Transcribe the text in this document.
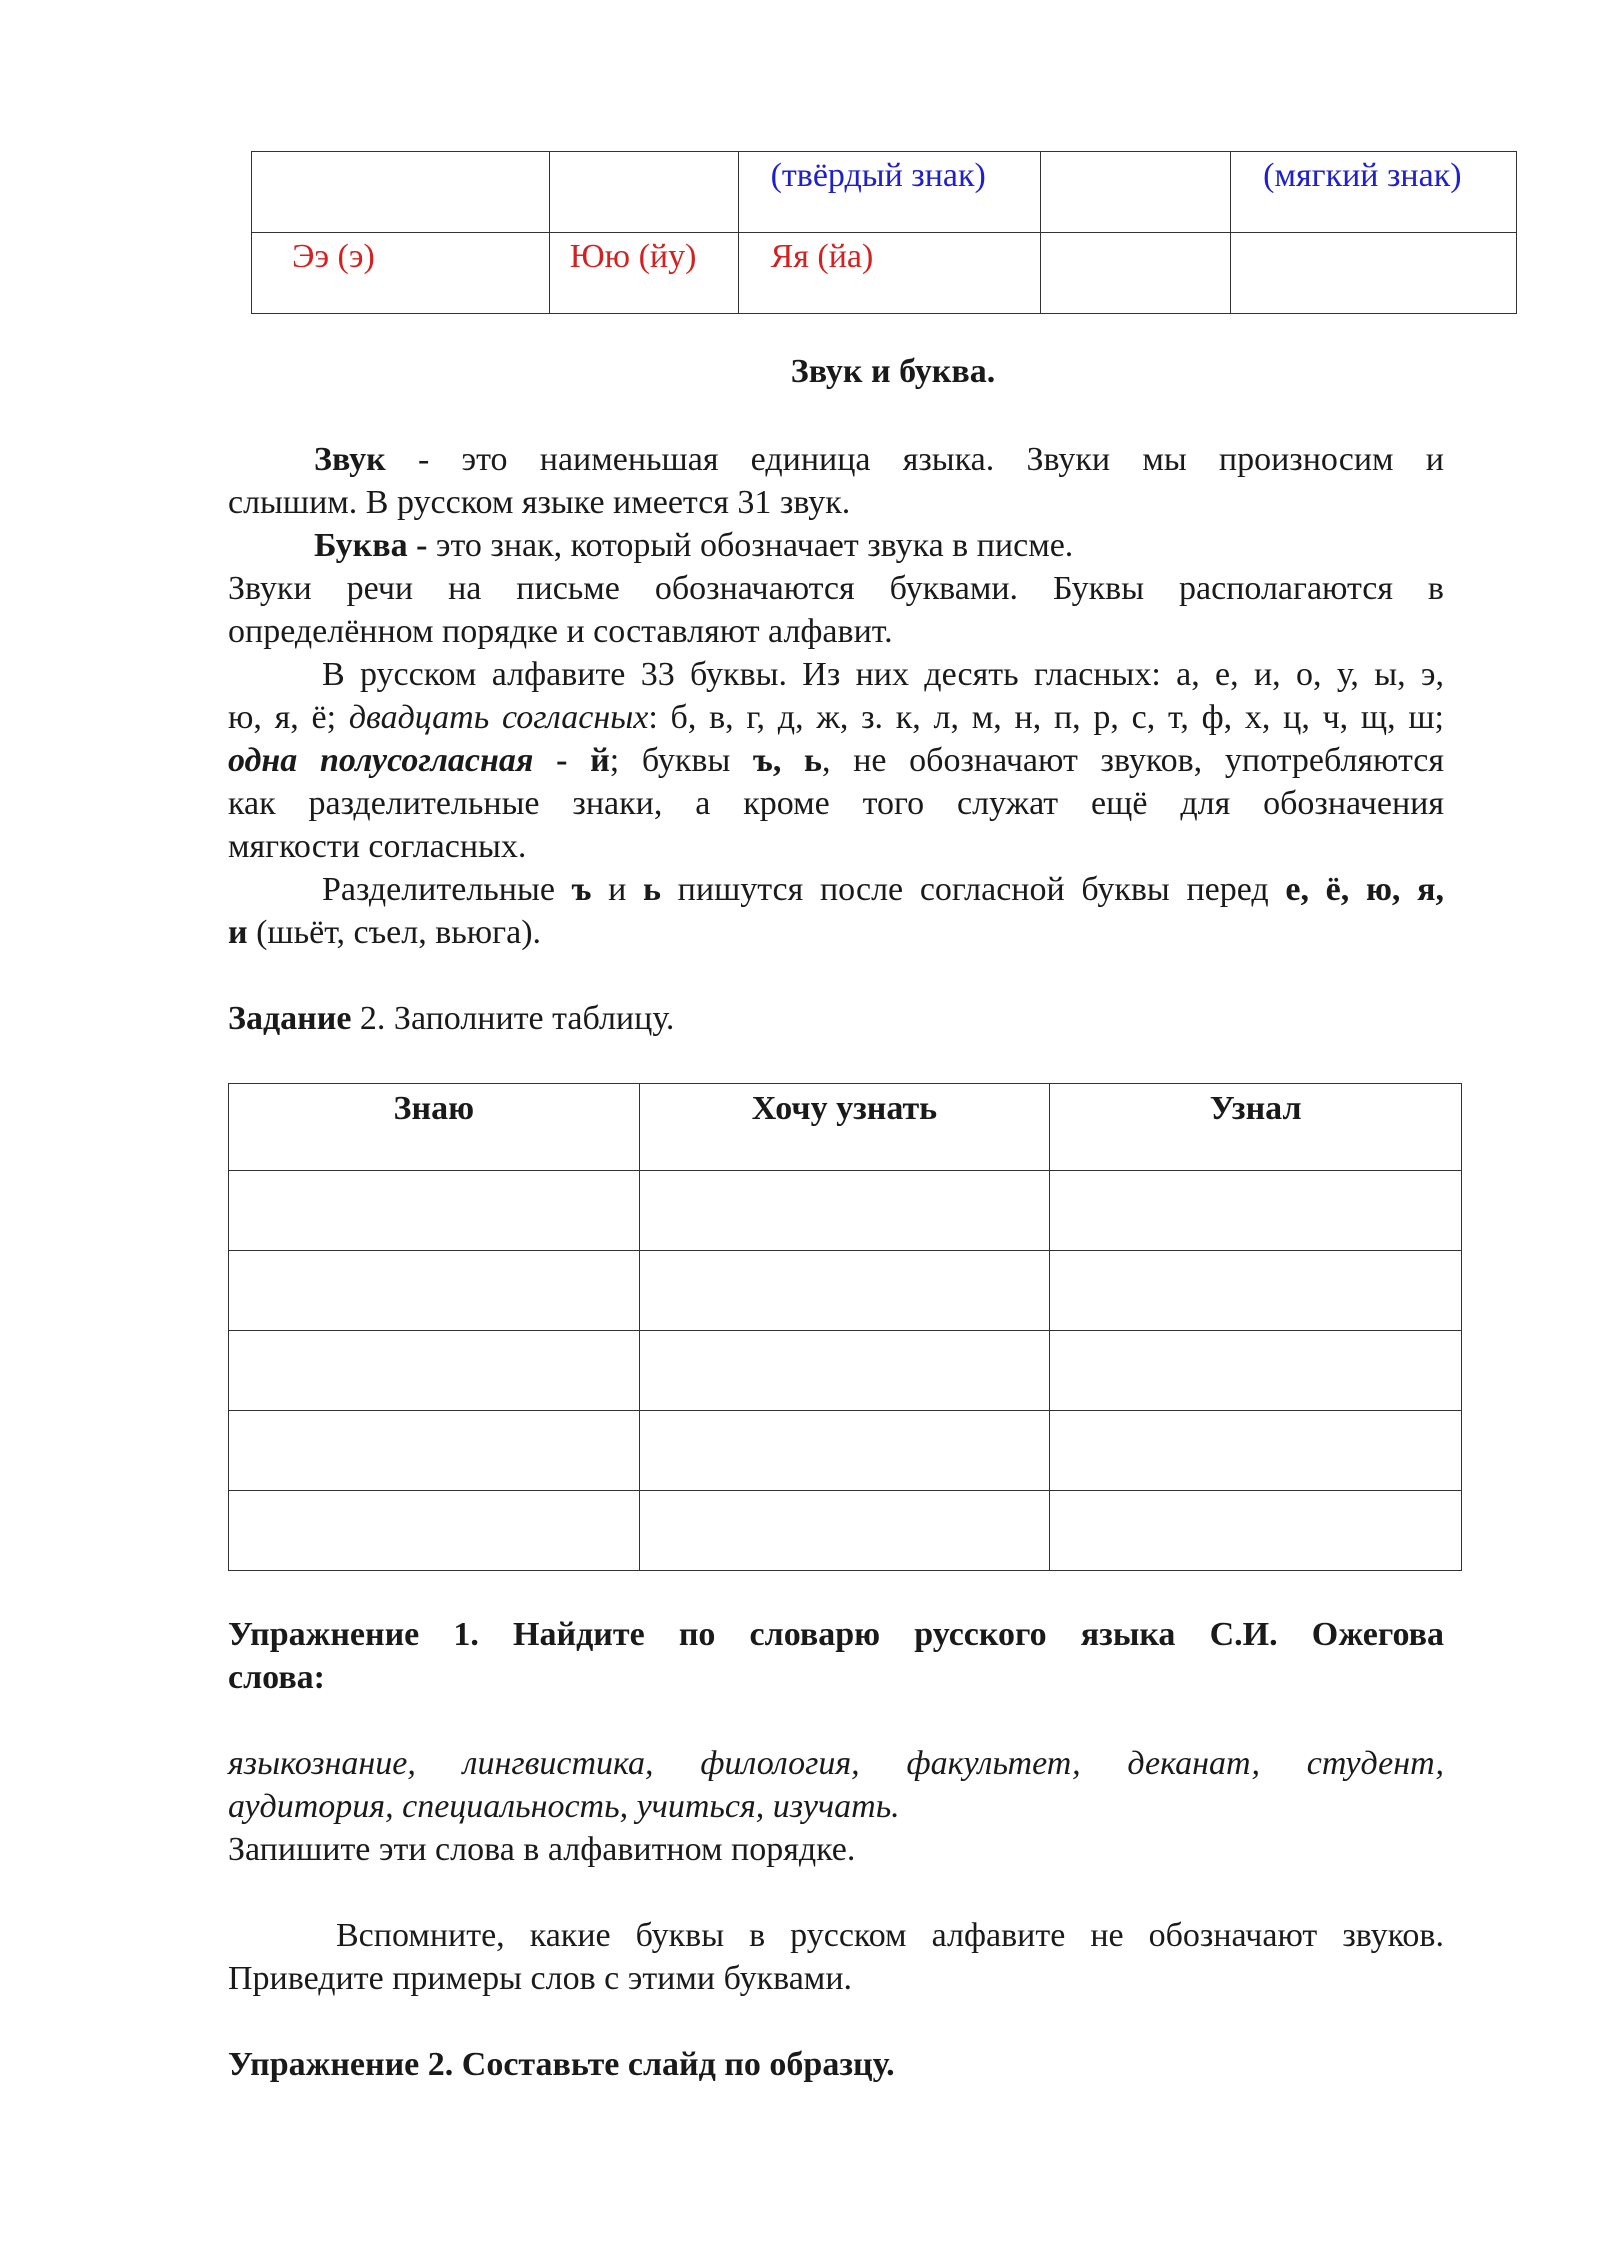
		(твёрдый знак)		(мягкий знак)
Ээ (э)	Юю (йу)	Яя (йа)		
Звук и буква.
Звук - это наименьшая единица языка. Звуки мы произносим и
слышим. В русском языке имеется 31 звук.
Буква - это знак, который обозначает звука в писме.
Звуки речи на письме обозначаются буквами. Буквы располагаются в
определённом порядке и составляют алфавит.
В русском алфавите 33 буквы. Из них десять гласных: а, е, и, о, у, ы, э,
ю, я, ё; двадцать согласных: б, в, г, д, ж, з. к, л, м, н, п, р, с, т, ф, х, ц, ч, щ, ш;
одна полусогласная - й; буквы ъ, ь, не обозначают звуков, употребляются
как разделительные знаки, а кроме того служат ещё для обозначения
мягкости согласных.
Разделительные ъ и ь пишутся после согласной буквы перед е, ё, ю, я,
и (шьёт, съел, вьюга).
Задание 2. Заполните таблицу.
Знаю	Хочу узнать	Узнал

Упражнение 1. Найдите по словарю русского языка С.И. Ожегова
слова:
языкознание, лингвистика, филология, факультет, деканат, студент,
аудитория, специальность, учиться, изучать.
Запишите эти слова в алфавитном порядке.
Вспомните, какие буквы в русском алфавите не обозначают звуков.
Приведите примеры слов с этими буквами.
Упражнение 2. Составьте слайд по образцу.
